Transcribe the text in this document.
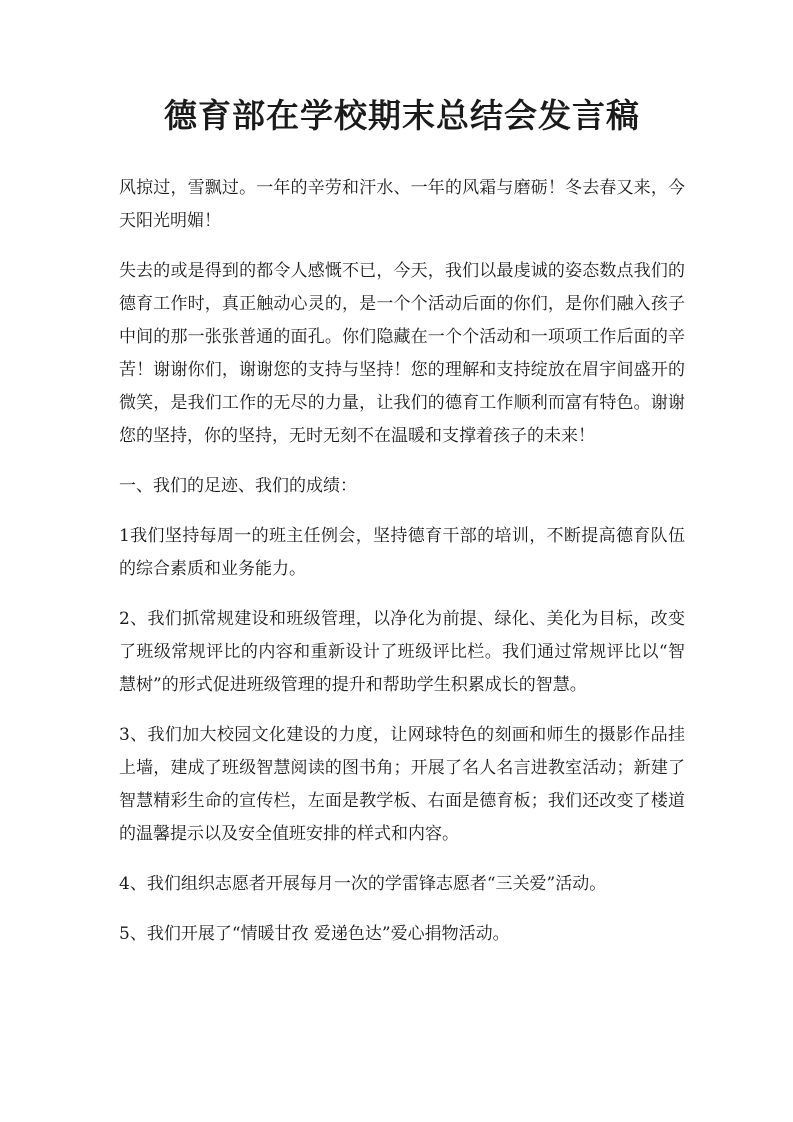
德育部在学校期末总结会发言稿

风掠过，雪飘过。一年的辛劳和汗水、一年的风霜与磨砺！冬去春又来，今天阳光明媚！

失去的或是得到的都令人感慨不已，今天，我们以最虔诚的姿态数点我们的德育工作时，真正触动心灵的，是一个个活动后面的你们，是你们融入孩子中间的那一张张普通的面孔。你们隐藏在一个个活动和一项项工作后面的辛苦！谢谢你们，谢谢您的支持与坚持！您的理解和支持绽放在眉宇间盛开的微笑，是我们工作的无尽的力量，让我们的德育工作顺利而富有特色。谢谢您的坚持，你的坚持，无时无刻不在温暖和支撑着孩子的未来！

一、我们的足迹、我们的成绩：

1我们坚持每周一的班主任例会，坚持德育干部的培训，不断提高德育队伍的综合素质和业务能力。

2、我们抓常规建设和班级管理，以净化为前提、绿化、美化为目标，改变了班级常规评比的内容和重新设计了班级评比栏。我们通过常规评比以“智慧树”的形式促进班级管理的提升和帮助学生积累成长的智慧。

3、我们加大校园文化建设的力度，让网球特色的刻画和师生的摄影作品挂上墙，建成了班级智慧阅读的图书角；开展了名人名言进教室活动；新建了智慧精彩生命的宣传栏，左面是教学板、右面是德育板；我们还改变了楼道的温馨提示以及安全值班安排的样式和内容。

4、我们组织志愿者开展每月一次的学雷锋志愿者“三关爱”活动。

5、我们开展了“情暖甘孜 爱递色达”爱心捐物活动。
